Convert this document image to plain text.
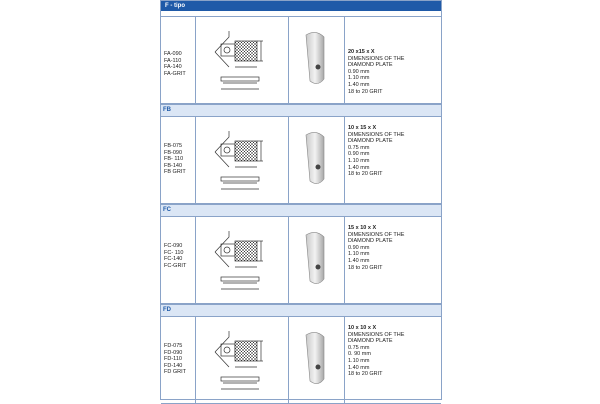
F - tipo
FA-090
FA-110
FA-140
FA-GRIT
20 x15 x X
DIMENSIONS OF THE
DIAMOND PLATE
0.90 mm
1.10 mm
1.40 mm
18 to 20 GRIT
FB
FB-075
FB-090
FB- 110
FB-140
FB GRIT
10 x 15 x X
DIMENSIONS OF THE
DIAMOND PLATE
0.75 mm
0.90 mm
1.10 mm
1.40 mm
18 to 20 GRIT
FC
FC-090
FC- 110
FC-140
FC-GRIT
15 x 10 x X
DIMENSIONS OF THE
DIAMOND PLATE
0.90 mm
1.10 mm
1.40 mm
18 to 20 GRIT
FD
FD-075
FD-090
FD-110
FD-140
FD GRIT
10 x 10 x X
DIMENSIONS OF THE
DIAMOND PLATE
0.75 mm
0. 90 mm
1.10 mm
1.40 mm
18 to 20 GRIT
